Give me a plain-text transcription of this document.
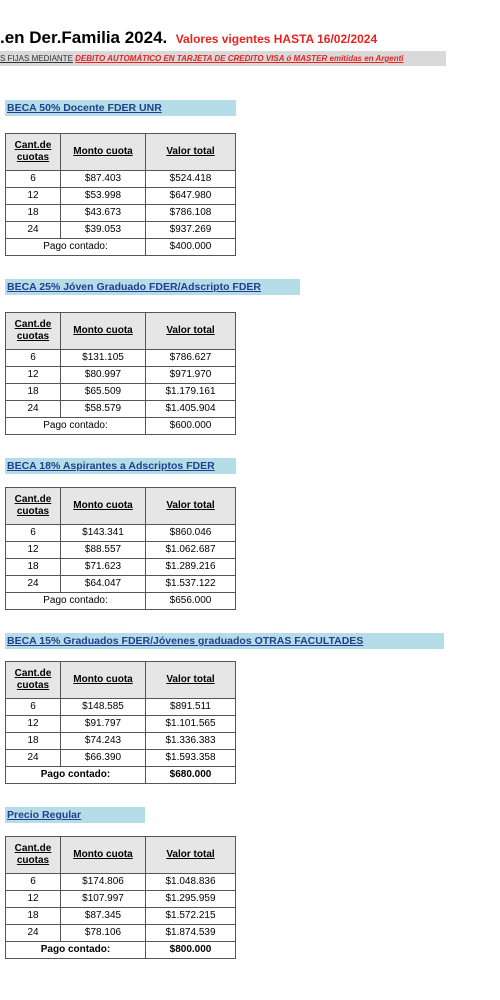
.en Der.Familia 2024. Valores vigentes HASTA 16/02/2024
S FIJAS MEDIANTE DEBITO AUTOMÁTICO EN TARJETA DE CREDITO VISA ó MASTER emitidas en Argenti
BECA 50% Docente FDER UNR
Cant.de cuotas	Monto cuota	Valor total
6	$87.403	$524.418
12	$53.998	$647.980
18	$43.673	$786.108
24	$39.053	$937.269
Pago contado:		$400.000
BECA 25% Jóven Graduado FDER/Adscripto FDER
Cant.de cuotas	Monto cuota	Valor total
6	$131.105	$786.627
12	$80.997	$971.970
18	$65.509	$1.179.161
24	$58.579	$1.405.904
Pago contado:		$600.000
BECA 18% Aspirantes a Adscriptos FDER
Cant.de cuotas	Monto cuota	Valor total
6	$143.341	$860.046
12	$88.557	$1.062.687
18	$71.623	$1.289.216
24	$64.047	$1.537.122
Pago contado:		$656.000
BECA 15% Graduados FDER/Jóvenes graduados OTRAS FACULTADES
Cant.de cuotas	Monto cuota	Valor total
6	$148.585	$891.511
12	$91.797	$1.101.565
18	$74.243	$1.336.383
24	$66.390	$1.593.358
Pago contado:		$680.000
Precio Regular
Cant.de cuotas	Monto cuota	Valor total
6	$174.806	$1.048.836
12	$107.997	$1.295.959
18	$87.345	$1.572.215
24	$78.106	$1.874.539
Pago contado:		$800.000
